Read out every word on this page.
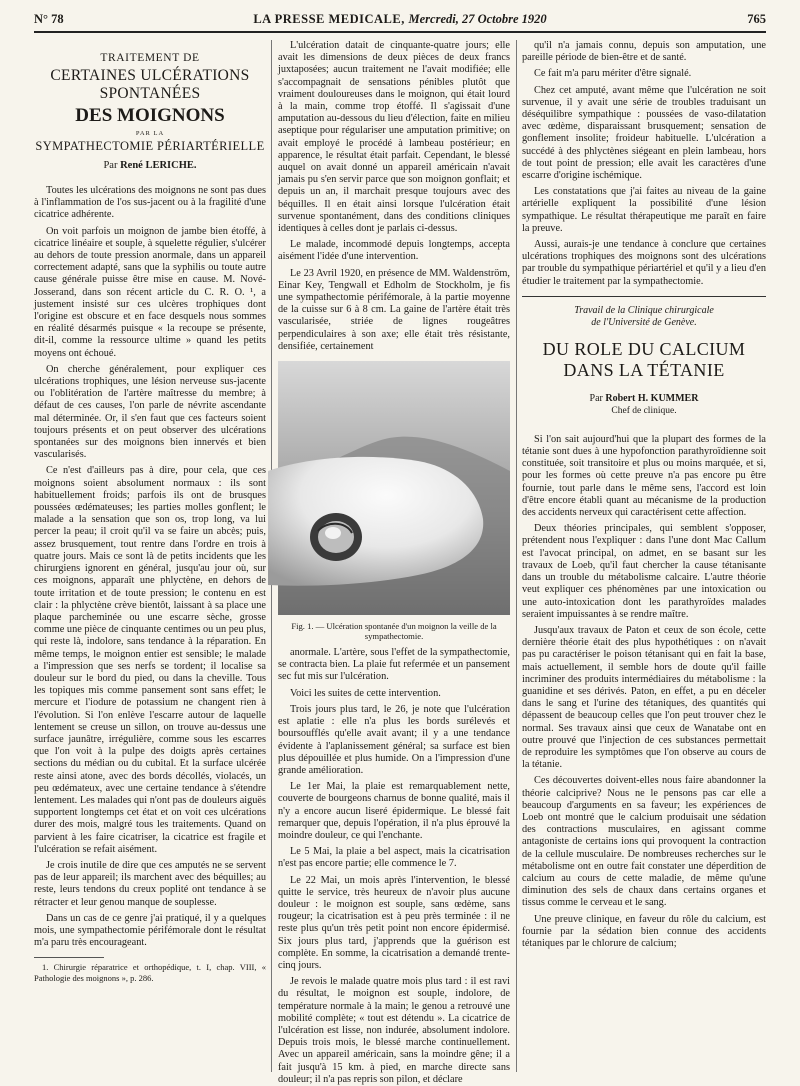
N° 78	LA PRESSE MEDICALE, Mercredi, 27 Octobre 1920	765
TRAITEMENT DE
CERTAINES ULCÉRATIONS SPONTANÉES
DES MOIGNONS
PAR LA
SYMPATHECTOMIE PÉRIARTÉRIELLE
Par René LERICHE.

Toutes les ulcérations des moignons ne sont pas dues à l'inflammation de l'os sus-jacent ou à la fragilité d'une cicatrice adhérente.

On voit parfois un moignon de jambe bien étoffé, à cicatrice linéaire et souple, à squelette régulier, s'ulcérer au dehors de toute pression anormale, dans un appareil correctement adapté, sans que la syphilis ou toute autre cause générale puisse être mise en cause. M. Nové-Josserand, dans son récent article du C. R. O. ¹, a justement insisté sur ces ulcères trophiques dont l'origine est obscure et en face desquels nous sommes en réalité désarmés puisque « la recoupe se présente, dit-il, comme la ressource ultime » quand les petits moyens ont échoué.

On cherche généralement, pour expliquer ces ulcérations trophiques, une lésion nerveuse sus-jacente ou l'oblitération de l'artère maîtresse du membre; à défaut de ces causes, l'on parle de névrite ascendante mal déterminée. Or, il s'en faut que ces facteurs soient toujours présents et on peut observer des ulcérations spontanées sur des moignons bien innervés et bien vascularisés.

Ce n'est d'ailleurs pas à dire, pour cela, que ces moignons soient absolument normaux : ils sont habituellement froids; parfois ils ont de brusques poussées œdémateuses; les parties molles gonflent; le malade a la sensation que son os, trop long, va lui percer la peau; il croit qu'il va se faire un abcès; puis, assez brusquement, tout rentre dans l'ordre en trois à quatre jours. Mais ce sont là de petits incidents que les chirurgiens ignorent en général, jusqu'au jour où, sur ces moignons, apparaît une phlyctène, en dehors de toute irritation et de toute pression; le contenu en est clair : la phlyctène crève bientôt, laissant à sa place une plaque parcheminée ou une escarre sèche, grosse comme une pièce de cinquante centimes ou un peu plus, qui reste là, indolore, sans tendance à la réparation. En même temps, le moignon entier est sensible; le malade a l'impression que ses nerfs se tordent; il localise sa douleur sur le bord du pied, ou dans la cheville. Tous les topiques mis comme pansement sont sans effet; le mercure et l'iodure de potassium ne changent rien à l'évolution. Si l'on enlève l'escarre autour de laquelle lentement se creuse un sillon, on trouve au-dessus une surface jaunâtre, irrégulière, comme sous les escarres que l'on voit à la pulpe des doigts après certaines sections du médian ou du cubital. Et la surface ulcérée reste ainsi atone, avec des bords décollés, violacés, un peu œdémateux, avec une certaine tendance à s'étendre lentement. Les malades qui n'ont pas de douleurs aiguës supportent longtemps cet état et on voit ces ulcérations durer des mois, malgré tous les traitements. Quand on parvient à les faire cicatriser, la cicatrice est fragile et l'ulcération se refait aisément.

Je crois inutile de dire que ces amputés ne se servent pas de leur appareil; ils marchent avec des béquilles; au reste, leurs tendons du creux poplité ont tendance à se rétracter et leur genou manque de souplesse.

Dans un cas de ce genre j'ai pratiqué, il y a quelques mois, une sympathectomie périfémorale dont le résultat m'a paru très encourageant.

1. Chirurgie réparatrice et orthopédique, t. I, chap. VIII, « Pathologie des moignons », p. 286.

L'ulcération datait de cinquante-quatre jours; elle avait les dimensions de deux pièces de deux francs juxtaposées; aucun traitement ne l'avait modifiée; elle s'accompagnait de sensations pénibles plutôt que vraiment douloureuses dans le moignon, qui était lourd à la main, comme trop étoffé. Il s'agissait d'une amputation au-dessous du lieu d'élection, faite en milieu aseptique pour régulariser une amputation primitive; on avait employé le procédé à lambeau postérieur; en apparence, le résultat était parfait. Cependant, le blessé auquel on avait donné un appareil américain n'avait jamais pu s'en servir parce que son moignon gonflait; et depuis un an, il marchait presque toujours avec des béquilles. Il en était ainsi lorsque l'ulcération était survenue spontanément, dans des conditions cliniques identiques à celles dont je parlais ci-dessus.

Le malade, incommodé depuis longtemps, accepta aisément l'idée d'une intervention.

Le 23 Avril 1920, en présence de MM. Waldenström, Einar Key, Tengwall et Edholm de Stockholm, je fis une sympathectomie périfémorale, à la partie moyenne de la cuisse sur 6 à 8 cm. La gaine de l'artère était très vascularisée, striée de lignes rougeâtres perpendiculaires à son axe; elle était très résistante, densifiée, certainement

Fig. 1. — Ulcération spontanée d'un moignon la veille de la sympathectomie.

anormale. L'artère, sous l'effet de la sympathectomie, se contracta bien. La plaie fut refermée et un pansement sec fut mis sur l'ulcération.

Voici les suites de cette intervention.

Trois jours plus tard, le 26, je note que l'ulcération est aplatie : elle n'a plus les bords surélevés et boursoufflés qu'elle avait avant; il y a une tendance évidente à l'aplanissement général; sa surface est bien plus dépouillée et plus humide. On a l'impression d'une grande amélioration.

Le 1er Mai, la plaie est remarquablement nette, couverte de bourgeons charnus de bonne qualité, mais il n'y a encore aucun liseré épidermique. Le blessé fait remarquer que, depuis l'opération, il n'a plus éprouvé la moindre douleur, ce qui l'enchante.

Le 5 Mai, la plaie a bel aspect, mais la cicatrisation n'est pas encore partie; elle commence le 7.

Le 22 Mai, un mois après l'intervention, le blessé quitte le service, très heureux de n'avoir plus aucune douleur : le moignon est souple, sans œdème, sans rougeur; la cicatrisation est à peu près terminée : il ne reste plus qu'un très petit point non encore épidermisé. Six jours plus tard, j'apprends que la guérison est complète. En somme, la cicatrisation a demandé trente-cinq jours.

Je revois le malade quatre mois plus tard : il est ravi du résultat, le moignon est souple, indolore, de température normale à la main; le genou a retrouvé une mobilité complète; « tout est détendu ». La cicatrice de l'ulcération est lisse, non indurée, absolument indolore. Depuis trois mois, le blessé marche continuellement. Avec un appareil américain, sans la moindre gêne; il a fait jusqu'à 15 km. à pied, en marche directe sans douleur; il n'a pas repris son pilon, et déclare

qu'il n'a jamais connu, depuis son amputation, une pareille période de bien-être et de santé.

Ce fait m'a paru mériter d'être signalé.

Chez cet amputé, avant même que l'ulcération ne soit survenue, il y avait une série de troubles traduisant un déséquilibre sympathique : poussées de vaso-dilatation avec œdème, disparaissant brusquement; sensation de gonflement insolite; froideur habituelle. L'ulcération a succédé à des phlyctènes siégeant en plein lambeau, hors de tout point de pression; elle avait les caractères d'une escarre d'origine ischémique.

Les constatations que j'ai faites au niveau de la gaine artérielle expliquent la possibilité d'une lésion sympathique. Le résultat thérapeutique me paraît en faire la preuve.

Aussi, aurais-je une tendance à conclure que certaines ulcérations trophiques des moignons sont des ulcérations par trouble du sympathique périartériel et qu'il y a lieu d'en étudier le traitement par la sympathectomie.

Travail de la Clinique chirurgicale
de l'Université de Genève.
DU ROLE DU CALCIUM
DANS LA TÉTANIE
Par Robert H. KUMMER
Chef de clinique.

Si l'on sait aujourd'hui que la plupart des formes de la tétanie sont dues à une hypofonction parathyroïdienne soit constituée, soit transitoire et plus ou moins marquée, et si, pour les formes où cette preuve n'a pas encore pu être fournie, tout parle dans le même sens, l'accord est loin d'être encore établi quant au mécanisme de la production des accidents nerveux qui caractérisent cette affection.

Deux théories principales, qui semblent s'opposer, prétendent nous l'expliquer : dans l'une dont Mac Callum est l'avocat principal, on admet, en se basant sur les travaux de Loeb, qu'il faut chercher la cause tétanisante dans un trouble du métabolisme calcaire. L'autre théorie veut expliquer ces phénomènes par une intoxication ou une auto-intoxication dont les parathyroïdes malades seraient impuissantes à se rendre maître.

Jusqu'aux travaux de Paton et ceux de son école, cette dernière théorie était des plus hypothétiques : on n'avait pas pu caractériser le poison tétanisant qui en fait la base, mais actuellement, il semble hors de doute qu'il faille incriminer des produits intermédiaires du métabolisme : la guanidine et ses dérivés. Paton, en effet, a pu en déceler dans le sang et l'urine des tétaniques, des quantités qui dépassent de beaucoup celles que l'on peut trouver chez le normal. Ses travaux ainsi que ceux de Wanatabe ont en outre prouvé que l'injection de ces substances permettait de reproduire les symptômes que l'on observe au cours de la tétanie.

Ces découvertes doivent-elles nous faire abandonner la théorie calciprive? Nous ne le pensons pas car elle a beaucoup d'arguments en sa faveur; les expériences de Loeb ont montré que le calcium produisait une sédation des contractions musculaires, en agissant comme antagoniste de certains ions qui provoquent la contraction de la cellule musculaire. De nombreuses recherches sur le métabolisme ont en outre fait constater une déperdition de calcium au cours de cette maladie, de même qu'une diminution des sels de chaux dans certains organes et tissus comme le cerveau et le sang.

Une preuve clinique, en faveur du rôle du calcium, est fournie par la sédation bien connue des accidents tétaniques par le chlorure de calcium;
